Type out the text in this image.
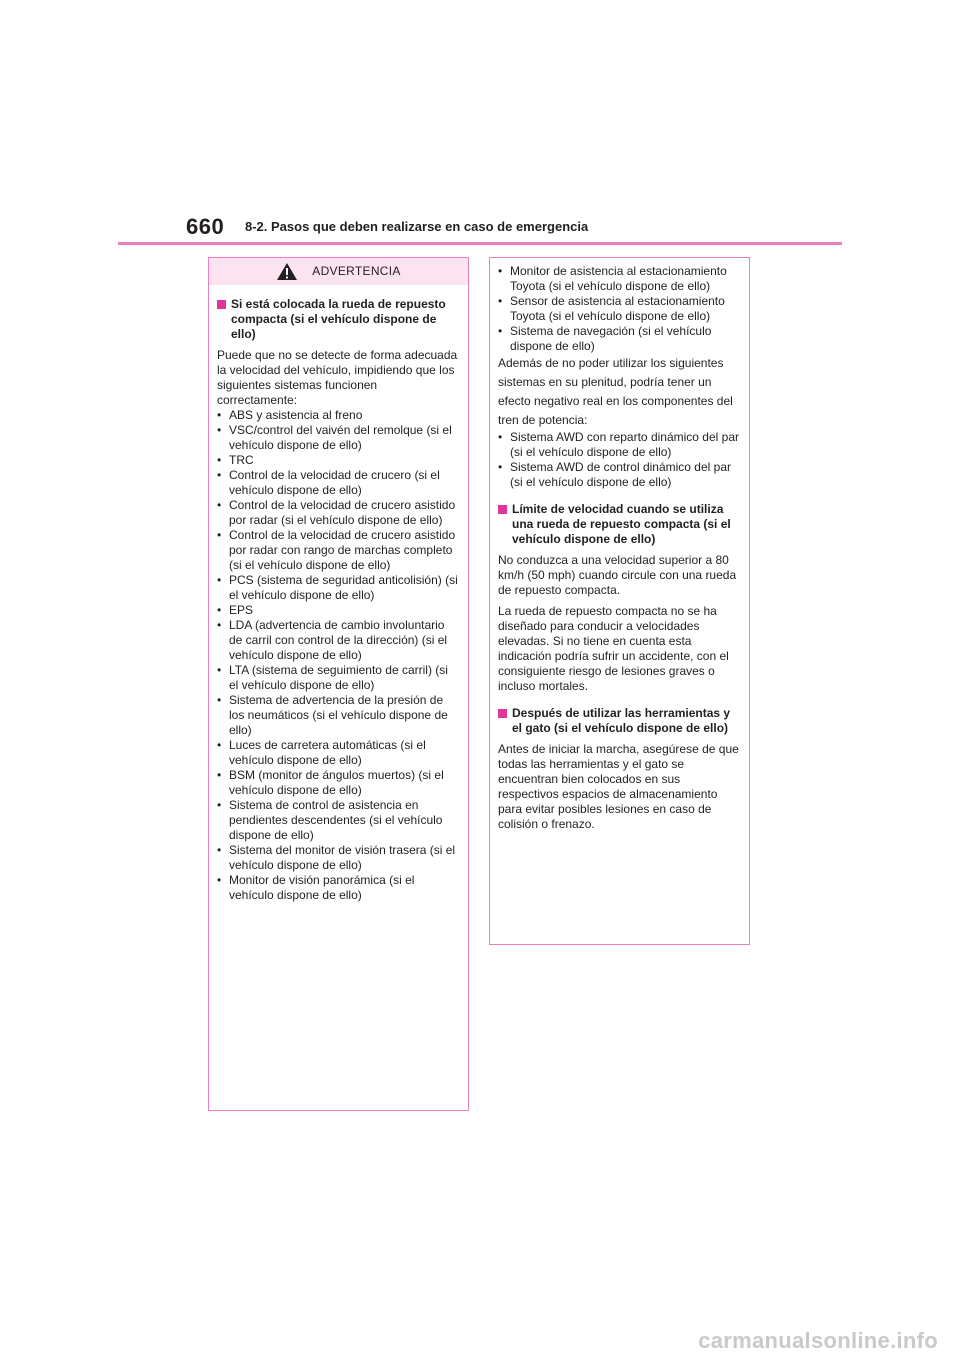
660 8-2. Pasos que deben realizarse en caso de emergencia
ADVERTENCIA

Si está colocada la rueda de repuesto compacta (si el vehículo dispone de ello)

Puede que no se detecte de forma adecuada la velocidad del vehículo, impidiendo que los siguientes sistemas funcionen correctamente:

• ABS y asistencia al freno
• VSC/control del vaivén del remolque (si el vehículo dispone de ello)
• TRC
• Control de la velocidad de crucero (si el vehículo dispone de ello)
• Control de la velocidad de crucero asistido por radar (si el vehículo dispone de ello)
• Control de la velocidad de crucero asistido por radar con rango de marchas completo (si el vehículo dispone de ello)
• PCS (sistema de seguridad anticolisión) (si el vehículo dispone de ello)
• EPS
• LDA (advertencia de cambio involuntario de carril con control de la dirección) (si el vehículo dispone de ello)
• LTA (sistema de seguimiento de carril) (si el vehículo dispone de ello)
• Sistema de advertencia de la presión de los neumáticos (si el vehículo dispone de ello)
• Luces de carretera automáticas (si el vehículo dispone de ello)
• BSM (monitor de ángulos muertos) (si el vehículo dispone de ello)
• Sistema de control de asistencia en pendientes descendentes (si el vehículo dispone de ello)
• Sistema del monitor de visión trasera (si el vehículo dispone de ello)
• Monitor de visión panorámica (si el vehículo dispone de ello)
• Monitor de asistencia al estacionamiento Toyota (si el vehículo dispone de ello)
• Sensor de asistencia al estacionamiento Toyota (si el vehículo dispone de ello)
• Sistema de navegación (si el vehículo dispone de ello)

Además de no poder utilizar los siguientes sistemas en su plenitud, podría tener un efecto negativo real en los componentes del tren de potencia:

• Sistema AWD con reparto dinámico del par (si el vehículo dispone de ello)
• Sistema AWD de control dinámico del par (si el vehículo dispone de ello)

Límite de velocidad cuando se utiliza una rueda de repuesto compacta (si el vehículo dispone de ello)

No conduzca a una velocidad superior a 80 km/h (50 mph) cuando circule con una rueda de repuesto compacta.

La rueda de repuesto compacta no se ha diseñado para conducir a velocidades elevadas. Si no tiene en cuenta esta indicación podría sufrir un accidente, con el consiguiente riesgo de lesiones graves o incluso mortales.

Después de utilizar las herramientas y el gato (si el vehículo dispone de ello)

Antes de iniciar la marcha, asegúrese de que todas las herramientas y el gato se encuentran bien colocados en sus respectivos espacios de almacenamiento para evitar posibles lesiones en caso de colisión o frenazo.

carmanualsonline.info
